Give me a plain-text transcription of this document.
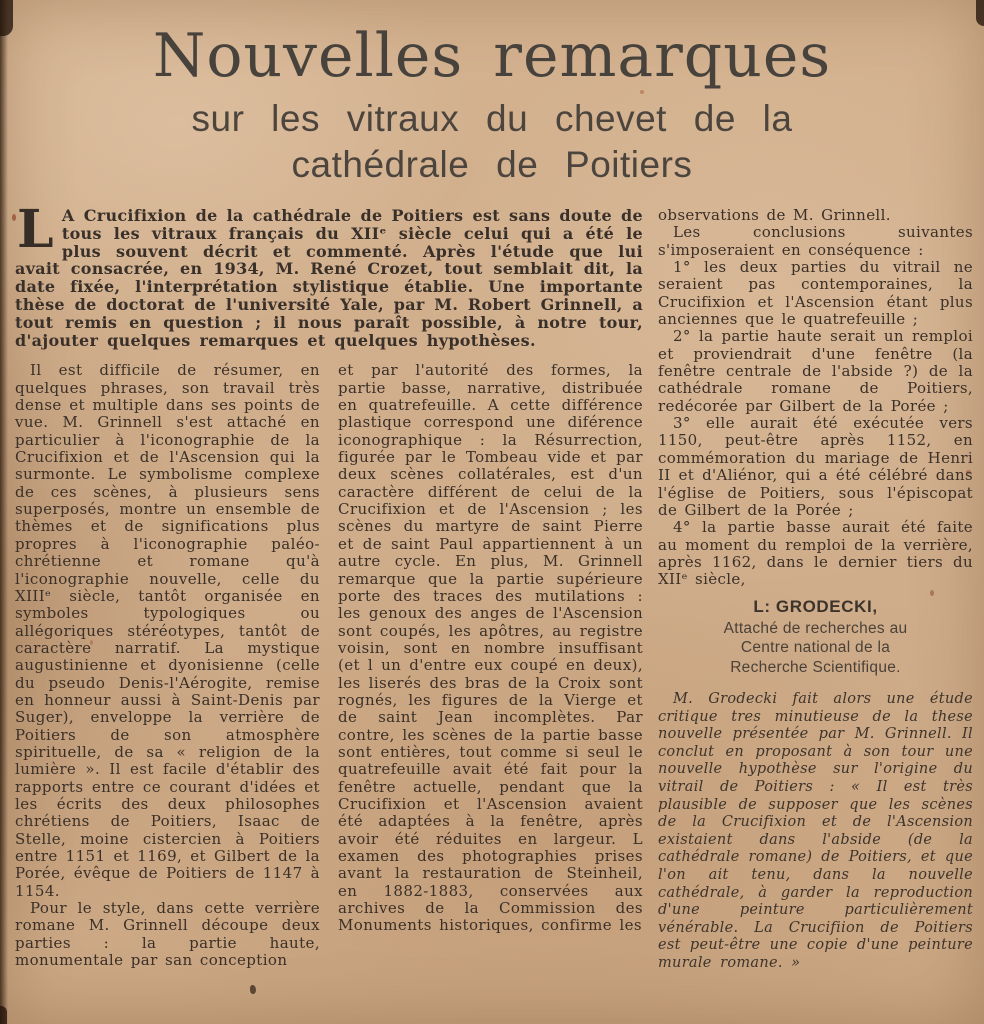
Nouvelles remarques
sur les vitraux du chevet de la
cathédrale de Poitiers
L A Crucifixion de la cathédrale de Poitiers est sans doute de tous les vitraux français du XIIᵉ siècle celui qui a été le plus souvent décrit et commenté. Après l'étude que lui avait consacrée, en 1934, M. René Crozet, tout semblait dit, la date fixée, l'interprétation stylistique établie. Une importante thèse de doctorat de l'université Yale, par M. Robert Grinnell, a tout remis en question ; il nous paraît possible, à notre tour, d'ajouter quelques remarques et quelques hypothèses.

Il est difficile de résumer, en quelques phrases, son travail très dense et multiple dans ses points de vue. M. Grinnell s'est attaché en particulier à l'iconographie de la Crucifixion et de l'Ascension qui la surmonte. Le symbolisme complexe de ces scènes, à plusieurs sens superposés, montre un ensemble de thèmes et de significations plus propres à l'iconographie paléo-chrétienne et romane qu'à l'iconographie nouvelle, celle du XIIIᵉ siècle, tantôt organisée en symboles typologiques ou allégoriques stéréotypes, tantôt de caractère narratif. La mystique augustinienne et dyonisienne (celle du pseudo Denis-l'Aérogite, remise en honneur aussi à Saint-Denis par Suger), enveloppe la verrière de Poitiers de son atmosphère spirituelle, de sa « religion de la lumière ». Il est facile d'établir des rapports entre ce courant d'idées et les écrits des deux philosophes chrétiens de Poitiers, Isaac de Stelle, moine cistercien à Poitiers entre 1151 et 1169, et Gilbert de la Porée, évêque de Poitiers de 1147 à 1154.

Pour le style, dans cette verrière romane M. Grinnell découpe deux parties : la partie haute, monumentale par san conception

et par l'autorité des formes, la partie basse, narrative, distribuée en quatrefeuille. A cette différence plastique correspond une diférence iconographique : la Résurrection, figurée par le Tombeau vide et par deux scènes collatérales, est d'un caractère différent de celui de la Crucifixion et de l'Ascension ; les scènes du martyre de saint Pierre et de saint Paul appartiennent à un autre cycle. En plus, M. Grinnell remarque que la partie supérieure porte des traces des mutilations : les genoux des anges de l'Ascension sont coupés, les apôtres, au registre voisin, sont en nombre insuffisant (et l un d'entre eux coupé en deux), les liserés des bras de la Croix sont rognés, les figures de la Vierge et de saint Jean incomplètes. Par contre, les scènes de la partie basse sont entières, tout comme si seul le quatrefeuille avait été fait pour la fenêtre actuelle, pendant que la Crucifixion et l'Ascension avaient été adaptées à la fenêtre, après avoir été réduites en largeur. L examen des photographies prises avant la restauration de Steinheil, en 1882-1883, conservées aux archives de la Commission des Monuments historiques, confirme les

observations de M. Grinnell.

Les conclusions suivantes s'imposeraient en conséquence :

1° les deux parties du vitrail ne seraient pas contemporaines, la Crucifixion et l'Ascension étant plus anciennes que le quatrefeuille ;

2° la partie haute serait un remploi et proviendrait d'une fenêtre (la fenêtre centrale de l'abside ?) de la cathédrale romane de Poitiers, redécorée par Gilbert de la Porée ;

3° elle aurait été exécutée vers 1150, peut-être après 1152, en commémoration du mariage de Henri II et d'Aliénor, qui a été célébré dans l'église de Poitiers, sous l'épiscopat de Gilbert de la Porée ;

4° la partie basse aurait été faite au moment du remploi de la verrière, après 1162, dans le dernier tiers du XIIᵉ siècle,

L: GRODECKI,
Attaché de recherches au
Centre national de la
Recherche Scientifique.

M. Grodecki fait alors une étude critique tres minutieuse de la these nouvelle présentée par M. Grinnell. Il conclut en proposant à son tour une nouvelle hypothèse sur l'origine du vitrail de Poitiers : « Il est très plausible de supposer que les scènes de la Crucifixion et de l'Ascension existaient dans l'abside (de la cathédrale romane) de Poitiers, et que l'on ait tenu, dans la nouvelle cathédrale, à garder la reproduction d'une peinture particulièrement vénérable. La Crucifiion de Poitiers est peut-être une copie d'une peinture murale romane. »
